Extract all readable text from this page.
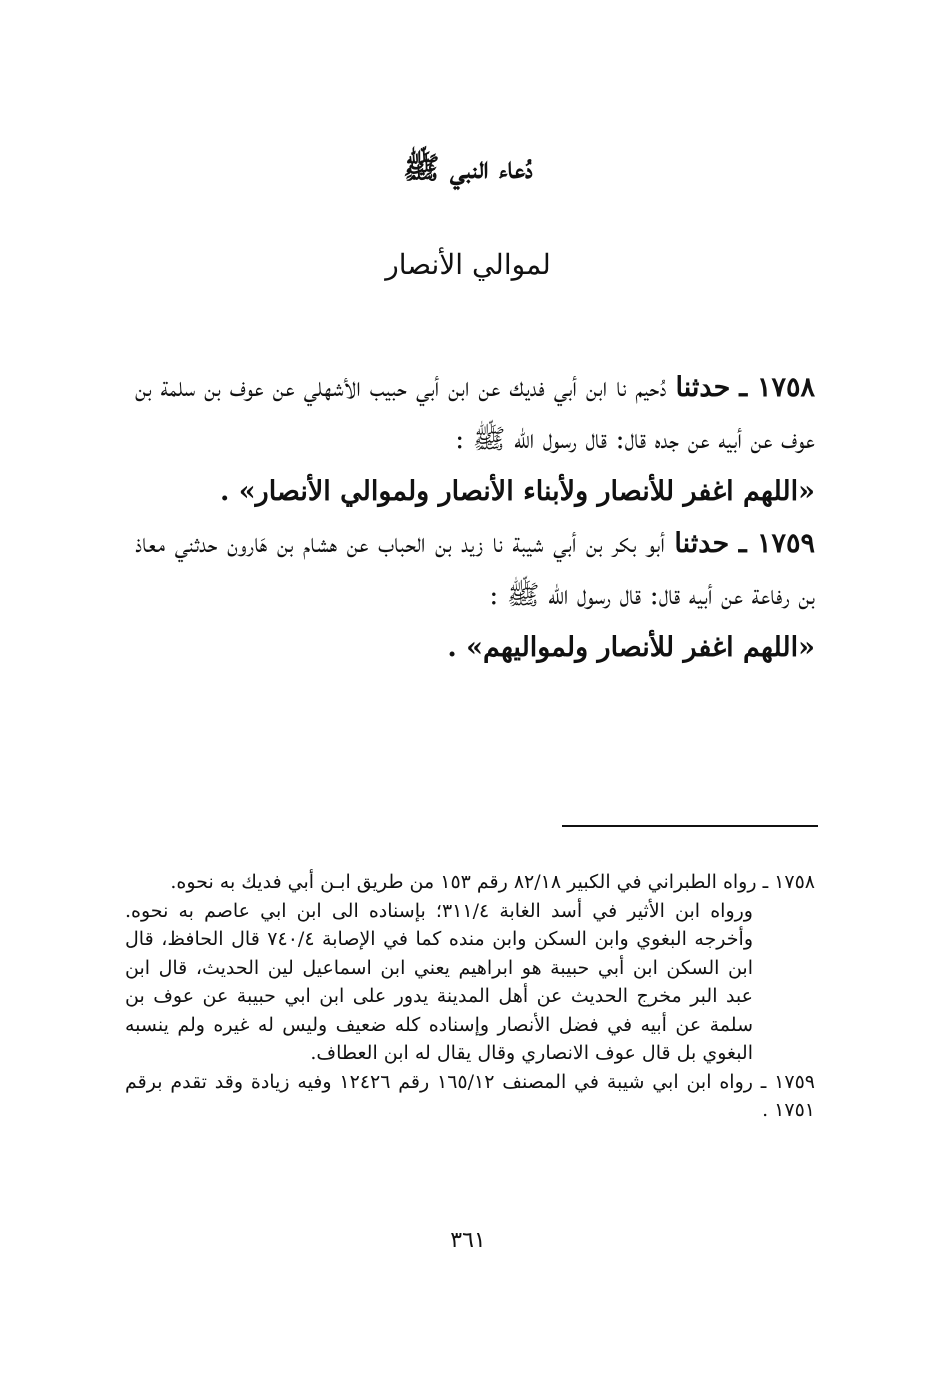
دُعاء النبي ﷺ
لموالي الأنصار

١٧٥٨ ـ حدثنا دُحيم نا ابن أبي فديك عن ابن أبي حبيب الأشهلي عن عوف بن سلمة بن عوف عن أبيه عن جده قال: قال رسول الله ﷺ :

«اللهم اغفر للأنصار ولأبناء الأنصار ولموالي الأنصار» .

١٧٥٩ ـ حدثنا أبو بكر بن أبي شيبة نا زيد بن الحباب عن هشام بن هَارون حدثني معاذ بن رفاعة عن أبيه قال: قال رسول الله ﷺ :

«اللهم اغفر للأنصار ولمواليهم» .

١٧٥٨ ـ رواه الطبراني في الكبير ٨٢/١٨ رقم ١٥٣ من طريق ابـن أبي فديك به نحوه.

ورواه ابن الأثير في أسد الغابة ٣١١/٤؛ بإسناده الى ابن ابي عاصم به نحوه. وأخرجه البغوي وابن السكن وابن منده كما في الإصابة ٧٤٠/٤ قال الحافظ، قال ابن السكن ابن أبي حبيبة هو ابراهيم يعني ابن اسماعيل لين الحديث، قال ابن عبد البر مخرج الحديث عن أهل المدينة يدور على ابن ابي حبيبة عن عوف بن سلمة عن أبيه في فضل الأنصار وإسناده كله ضعيف وليس له غيره ولم ينسبه البغوي بل قال عوف الانصاري وقال يقال له ابن العطاف.

١٧٥٩ ـ رواه ابن ابي شيبة في المصنف ١٦٥/١٢ رقم ١٢٤٢٦ وفيه زيادة وقد تقدم برقم ١٧٥١ .

٣٦١
